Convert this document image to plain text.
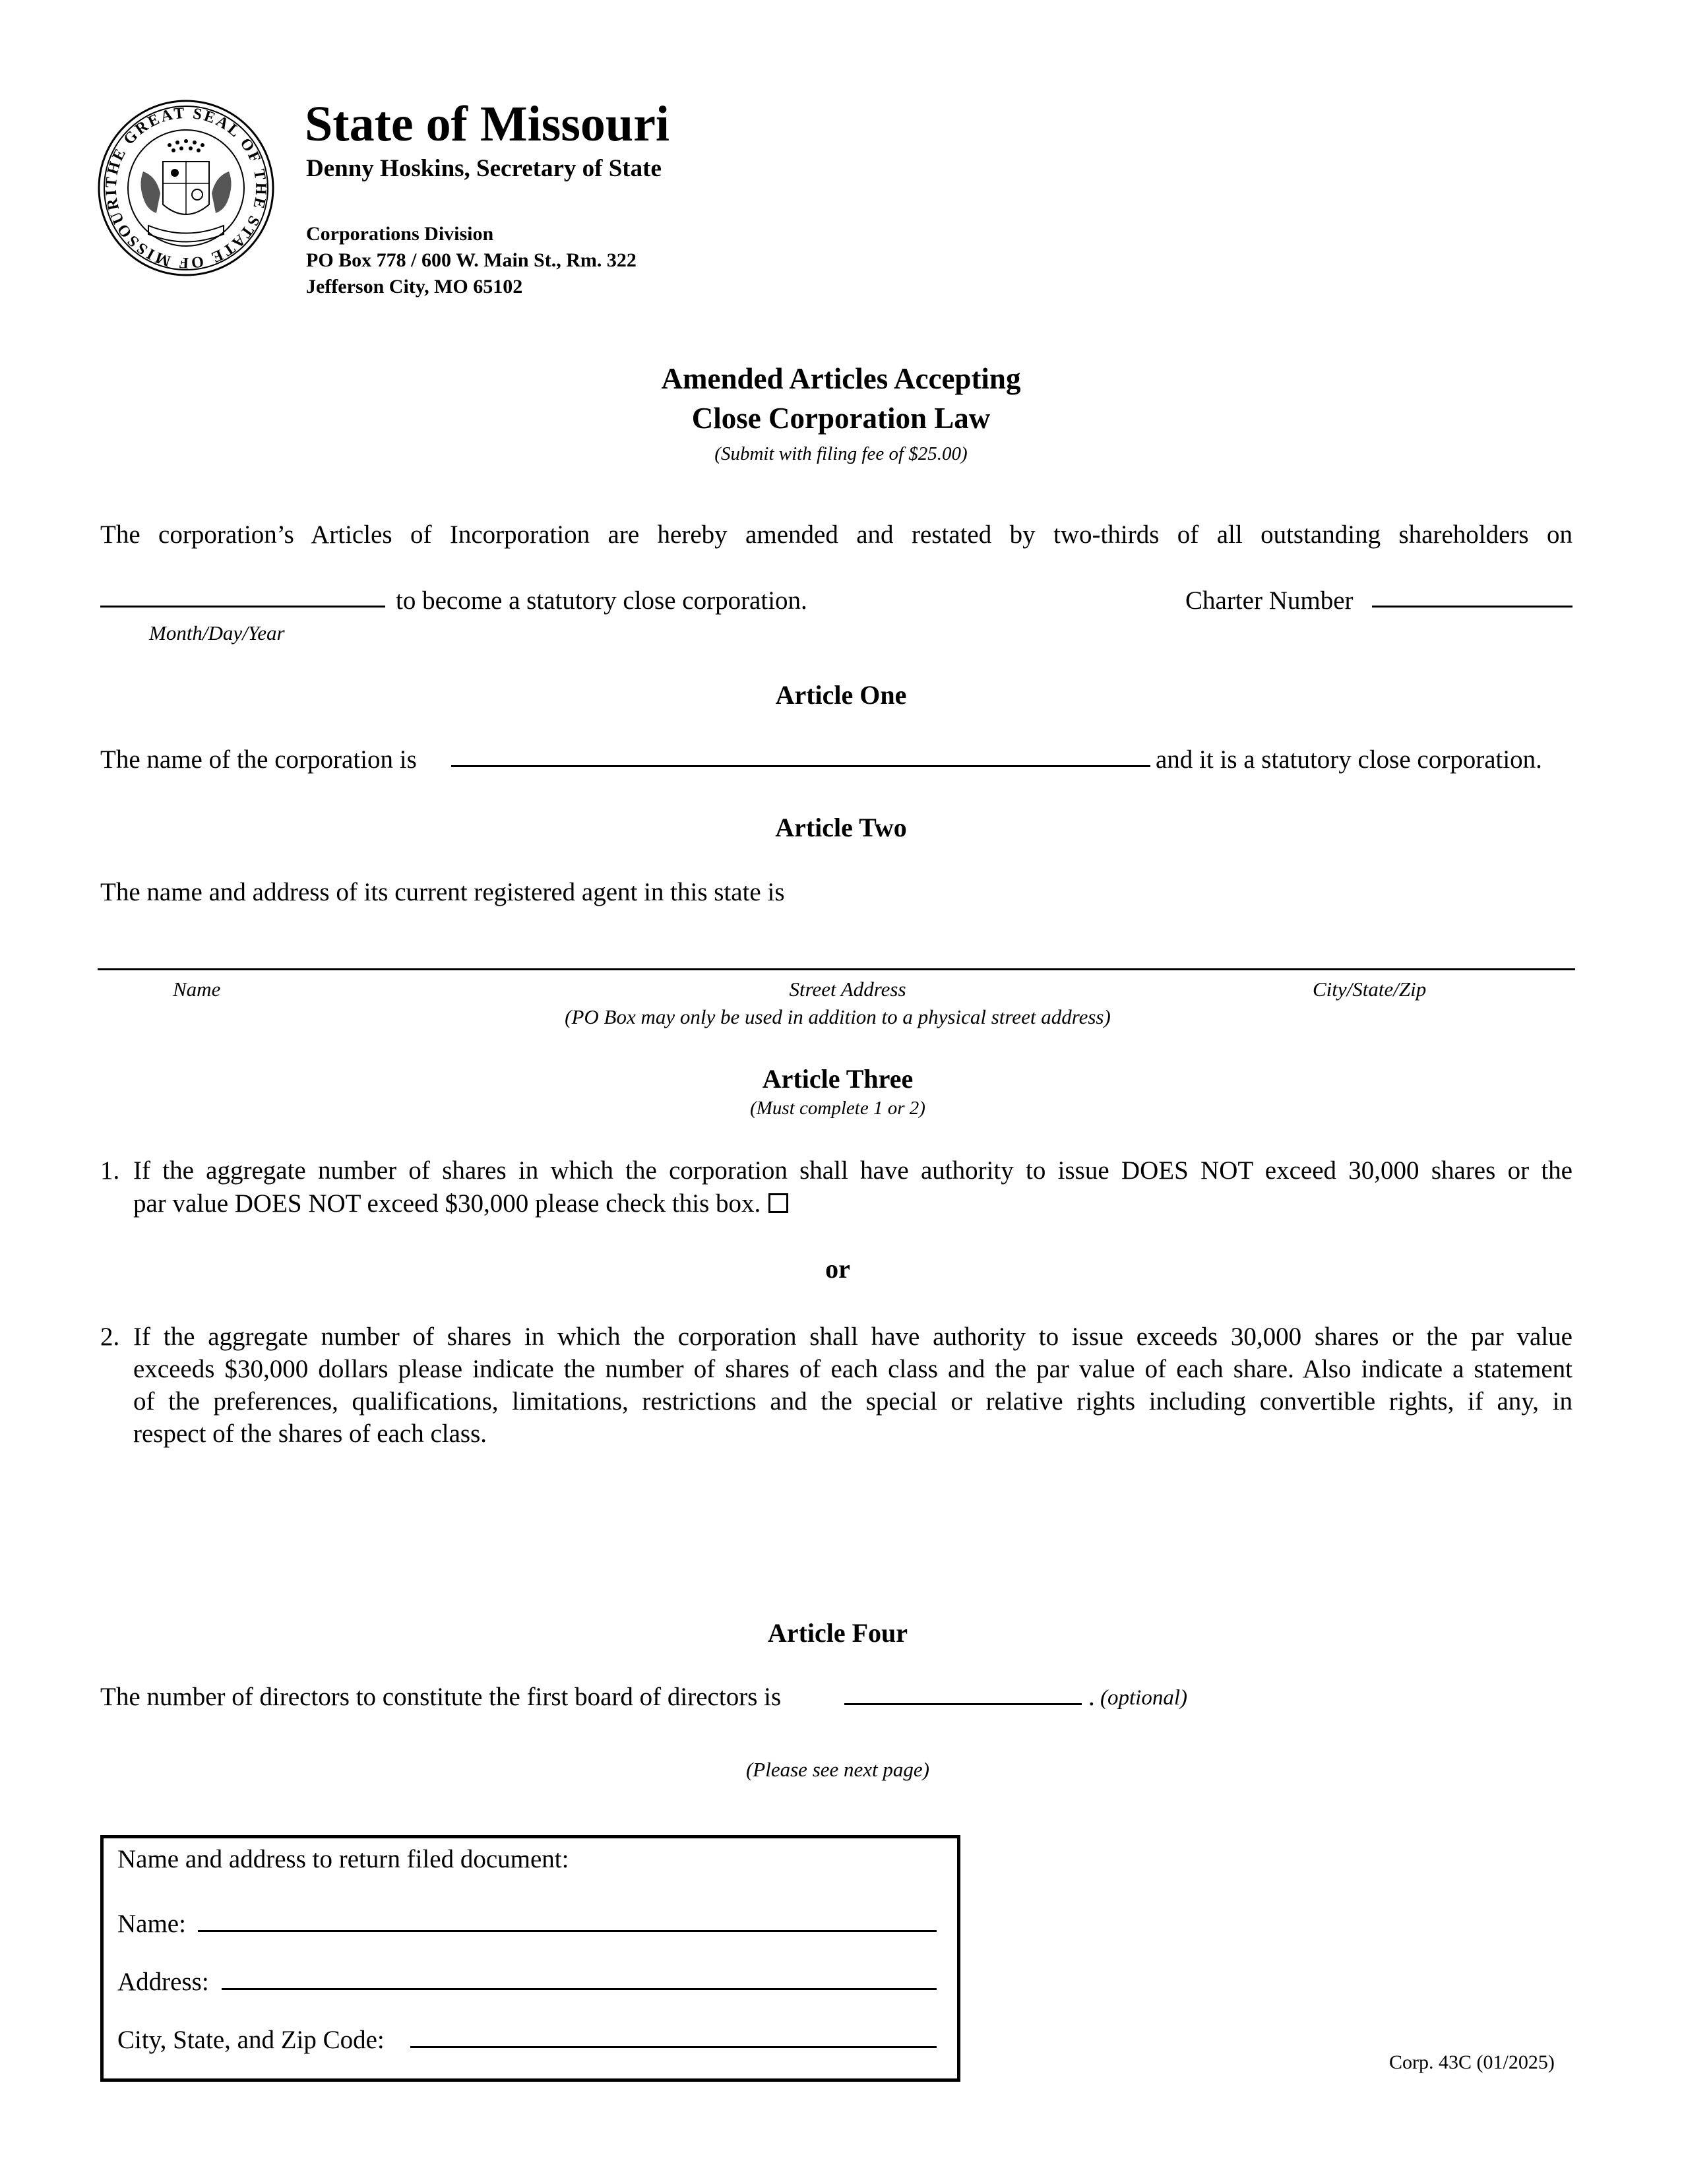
THE GREAT SEAL OF THE STATE OF MISSOURI
State of Missouri
Denny Hoskins, Secretary of State
Corporations Division
PO Box 778 / 600 W. Main St., Rm. 322
Jefferson City, MO 65102
Amended Articles Accepting
Close Corporation Law
(Submit with filing fee of $25.00)
The corporation’s Articles of Incorporation are hereby amended and restated by two-thirds of all outstanding shareholders on
to become a statutory close corporation.
Month/Day/Year
Charter Number
Article One
The name of the corporation is	and it is a statutory close corporation.
Article Two
The name and address of its current registered agent in this state is
Name	Street Address	City/State/Zip
(PO Box may only be used in addition to a physical street address)
Article Three
(Must complete 1 or 2)
1. If the aggregate number of shares in which the corporation shall have authority to issue DOES NOT exceed 30,000 shares or the
par value DOES NOT exceed $30,000 please check this box.
or
2. If the aggregate number of shares in which the corporation shall have authority to issue exceeds 30,000 shares or the par value
exceeds $30,000 dollars please indicate the number of shares of each class and the par value of each share. Also indicate a statement
of the preferences, qualifications, limitations, restrictions and the special or relative rights including convertible rights, if any, in
respect of the shares of each class.
Article Four
The number of directors to constitute the first board of directors is	. (optional)
(Please see next page)
Name and address to return filed document:
Name:
Address:
City, State, and Zip Code:
Corp. 43C (01/2025)
